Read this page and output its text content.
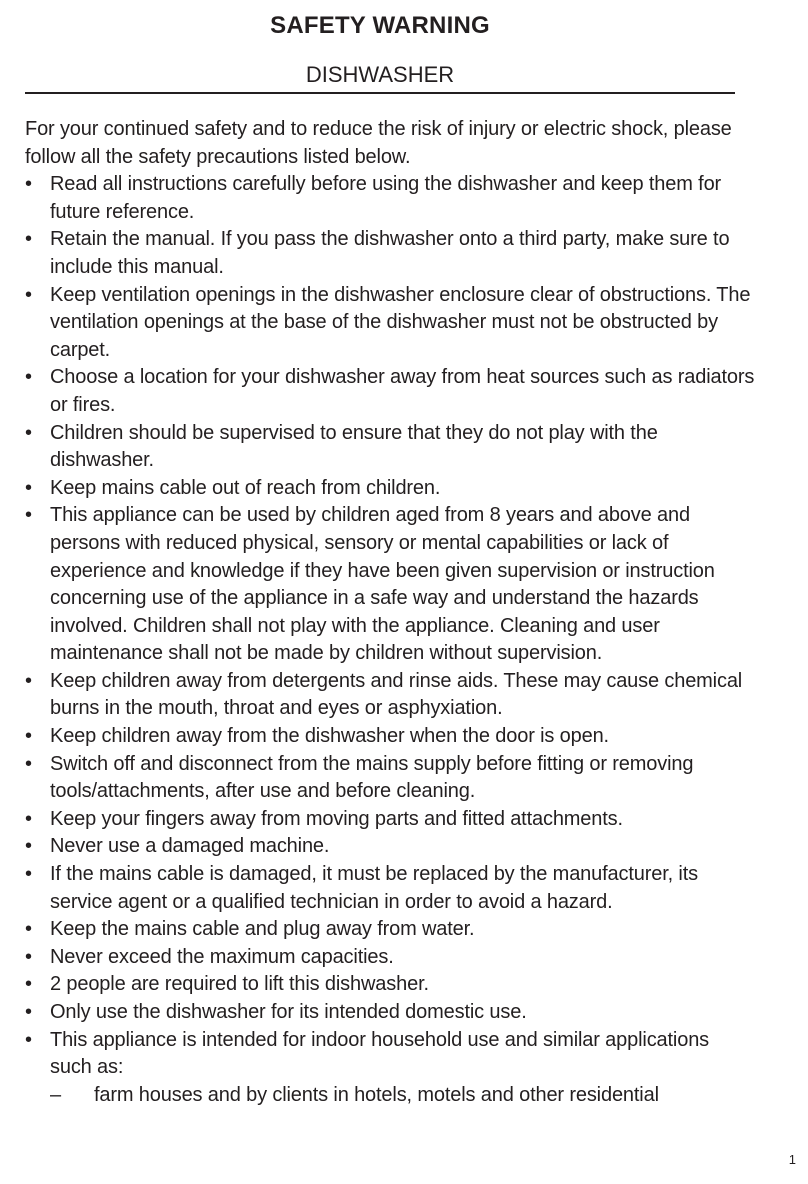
SAFETY WARNING
DISHWASHER

For your continued safety and to reduce the risk of injury or electric shock, please follow all the safety precautions listed below.

• Read all instructions carefully before using the dishwasher and keep them for future reference.
• Retain the manual. If you pass the dishwasher onto a third party, make sure to include this manual.
• Keep ventilation openings in the dishwasher enclosure clear of obstructions. The ventilation openings at the base of the dishwasher must not be obstructed by carpet.
• Choose a location for your dishwasher away from heat sources such as radiators or fires.
• Children should be supervised to ensure that they do not play with the dishwasher.
• Keep mains cable out of reach from children.
• This appliance can be used by children aged from 8 years and above and persons with reduced physical, sensory or mental capabilities or lack of experience and knowledge if they have been given supervision or instruction concerning use of the appliance in a safe way and understand the hazards involved. Children shall not play with the appliance. Cleaning and user maintenance shall not be made by children without supervision.
• Keep children away from detergents and rinse aids. These may cause chemical burns in the mouth, throat and eyes or asphyxiation.
• Keep children away from the dishwasher when the door is open.
• Switch off and disconnect from the mains supply before fitting or removing tools/attachments, after use and before cleaning.
• Keep your fingers away from moving parts and fitted attachments.
• Never use a damaged machine.
• If the mains cable is damaged, it must be replaced by the manufacturer, its service agent or a qualified technician in order to avoid a hazard.
• Keep the mains cable and plug away from water.
• Never exceed the maximum capacities.
• 2 people are required to lift this dishwasher.
• Only use the dishwasher for its intended domestic use.
• This appliance is intended for indoor household use and similar applications such as:
– farm houses and by clients in hotels, motels and other residential
1
